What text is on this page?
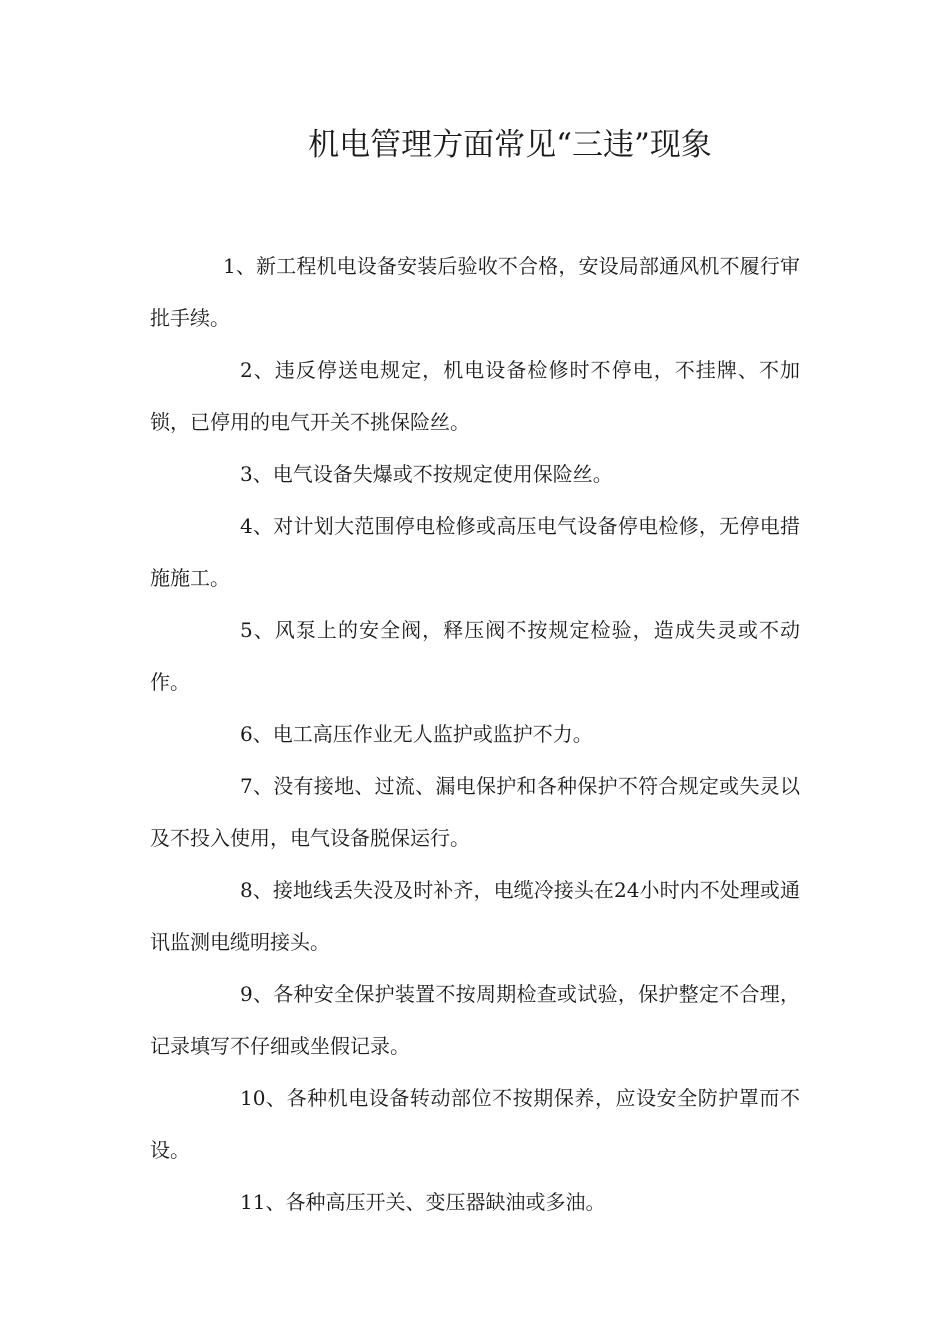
机电管理方面常见“三违”现象

1、新工程机电设备安装后验收不合格，安设局部通风机不履行审批手续。

2、违反停送电规定，机电设备检修时不停电，不挂牌、不加锁，已停用的电气开关不挑保险丝。

3、电气设备失爆或不按规定使用保险丝。

4、对计划大范围停电检修或高压电气设备停电检修，无停电措施施工。

5、风泵上的安全阀，释压阀不按规定检验，造成失灵或不动作。

6、电工高压作业无人监护或监护不力。

7、没有接地、过流、漏电保护和各种保护不符合规定或失灵以及不投入使用，电气设备脱保运行。

8、接地线丢失没及时补齐，电缆冷接头在24小时内不处理或通讯监测电缆明接头。

9、各种安全保护装置不按周期检查或试验，保护整定不合理，记录填写不仔细或坐假记录。

10、各种机电设备转动部位不按期保养，应设安全防护罩而不设。

11、各种高压开关、变压器缺油或多油。
